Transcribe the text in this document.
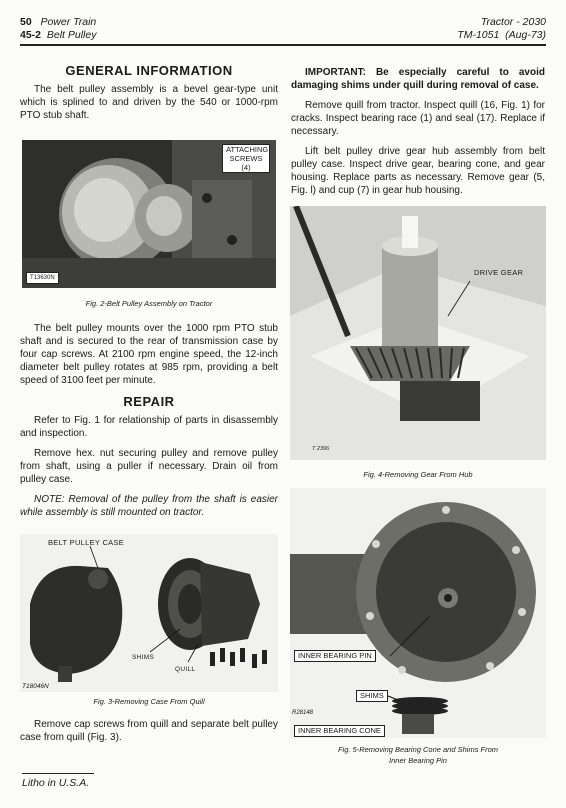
50 Power Train
45-2 Belt Pulley
Tractor - 2030
TM-1051 (Aug-73)
GENERAL INFORMATION

The belt pulley assembly is a bevel gear-type unit which is splined to and driven by the 540 or 1000-rpm PTO stub shaft.

ATTACHING SCREWS (4)
T13630N
Fig. 2-Belt Pulley Assembly on Tractor

The belt pulley mounts over the 1000 rpm PTO stub shaft and is secured to the rear of transmission case by four cap screws. At 2100 rpm engine speed, the 12-inch diameter belt pulley rotates at 985 rpm, providing a belt speed of 3100 feet per minute.

REPAIR

Refer to Fig. 1 for relationship of parts in disassembly and inspection.

Remove hex. nut securing pulley and remove pulley from shaft, using a puller if necessary. Drain oil from pulley case.

NOTE: Removal of the pulley from the shaft is easier while assembly is still mounted on tractor.

BELT PULLEY CASE
SHIMS
QUILL
T18046N
Fig. 3-Removing Case From Quill

Remove cap screws from quill and separate belt pulley case from quill (Fig. 3).

Litho in U.S.A.
IMPORTANT: Be especially careful to avoid damaging shims under quill during removal of case.

Remove quill from tractor. Inspect quill (16, Fig. 1) for cracks. Inspect bearing race (1) and seal (17). Replace if necessary.

Lift belt pulley drive gear hub assembly from belt pulley case. Inspect drive gear, bearing cone, and gear housing. Replace parts as necessary. Remove gear (5, Fig. l) and cup (7) in gear hub housing.

DRIVE GEAR
T 2396
Fig. 4-Removing Gear From Hub
INNER BEARING PIN
SHIMS
R28148
INNER BEARING CONE
Fig. 5-Removing Bearing Cone and Shims From
Inner Bearing Pin
